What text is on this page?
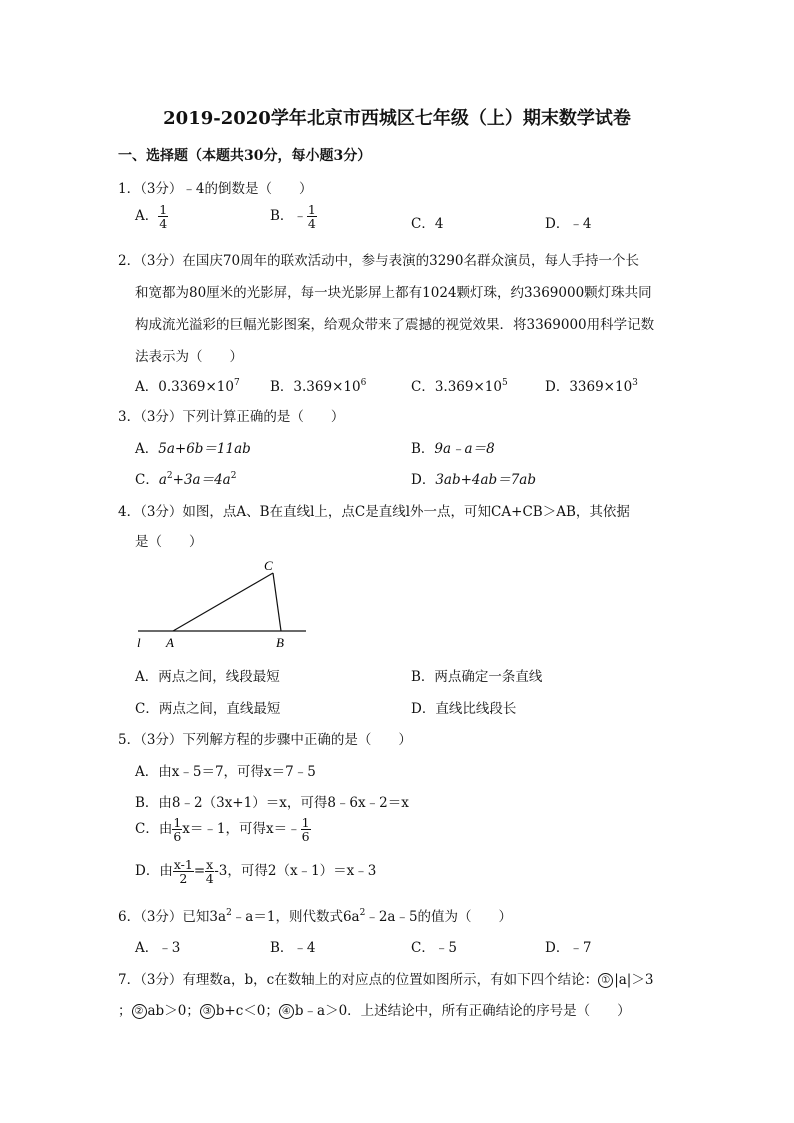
2019-2020学年北京市西城区七年级（上）期末数学试卷
一、选择题（本题共30分，每小题3分）
1．（3分）﹣4的倒数是（　　）
A． $\frac{1}{4}$	B．﹣ $\frac{1}{4}$	C．4	D．﹣4
2．（3分）在国庆70周年的联欢活动中，参与表演的3290名群众演员，每人手持一个长
和宽都为80厘米的光影屏，每一块光影屏上都有1024颗灯珠，约3369000颗灯珠共同
构成流光溢彩的巨幅光影图案，给观众带来了震撼的视觉效果．将3369000用科学记数
法表示为（　　）
A．$0.3369\times 10^7$ B．$3.369\times 10^6$	C．$3.369\times 10^5$	D．$3369\times 10^3$
3．（3分）下列计算正确的是（　　）
A．5a+6b＝11ab	B．9a﹣a＝8
C．$a^2+3a=4a^2$	D．3ab+4ab＝7ab
4．（3分）如图，点A、B在直线l上，点C是直线l外一点，可知CA+CB＞AB，其依据
是（　　）
l A	B
C
A．两点之间，线段最短	B．两点确定一条直线
C．两点之间，直线最短	D．直线比线段长
5．（3分）下列解方程的步骤中正确的是（　　）
A．由x﹣5＝7，可得x＝7﹣5
B．由8﹣2（3x+1）＝x，可得8﹣6x﹣2＝x
C．由 $\frac{1}{6}$ x＝﹣1，可得x＝﹣ $\frac{1}{6}$
D．由 $\frac{x-1}{2} = \frac{x}{4} -3$，可得2（x﹣1）＝x﹣3
6．（3分）已知$3a^2﹣a=1$，则代数式$6a^2﹣2a﹣5$的值为（　　）
A．﹣3	B．﹣4	C．﹣5	D．﹣7
7．（3分）有理数a，b，c在数轴上的对应点的位置如图所示，有如下四个结论： ① |a|＞3
； ② ab＞0； ③ b+c＜0； ④ b﹣a＞0．上述结论中，所有正确结论的序号是（　　）
